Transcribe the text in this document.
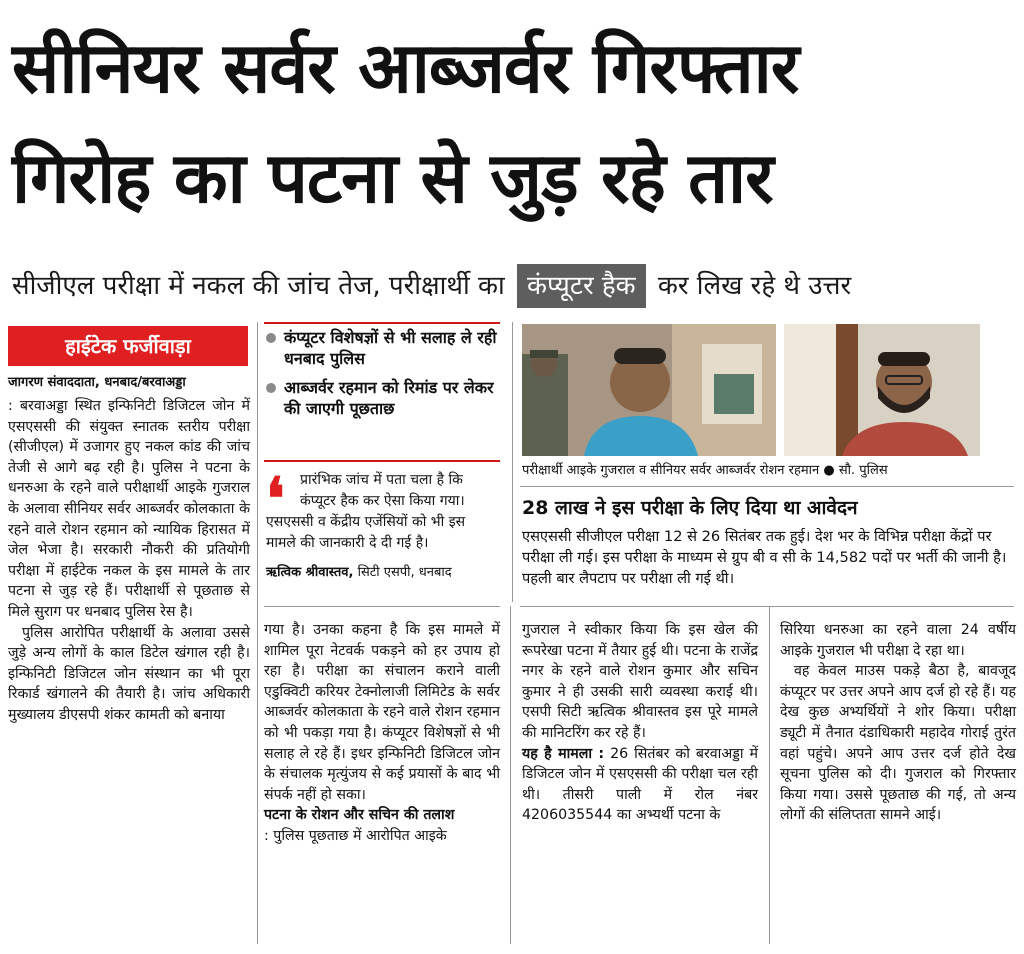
सीनियर सर्वर आब्जर्वर गिरफ्तार
गिरोह का पटना से जुड़ रहे तार
सीजीएल परीक्षा में नकल की जांच तेज, परीक्षार्थी का कंप्यूटर हैक कर लिख रहे थे उत्तर
हाईटेक फर्जीवाड़ा
जागरण संवाददाता, धनबाद/बरवाअड्डा

: बरवाअड्डा स्थित इन्फिनिटी डिजिटल जोन में एसएससी की संयुक्त स्नातक स्तरीय परीक्षा (सीजीएल) में उजागर हुए नकल कांड की जांच तेजी से आगे बढ़ रही है। पुलिस ने पटना के धनरुआ के रहने वाले परीक्षार्थी आइके गुजराल के अलावा सीनियर सर्वर आब्जर्वर कोलकाता के रहने वाले रोशन रहमान को न्यायिक हिरासत में जेल भेजा है। सरकारी नौकरी की प्रतियोगी परीक्षा में हाईटेक नकल के इस मामले के तार पटना से जुड़ रहे हैं। परीक्षार्थी से पूछताछ से मिले सुराग पर धनबाद पुलिस रेस है।

पुलिस आरोपित परीक्षार्थी के अलावा उससे जुड़े अन्य लोगों के काल डिटेल खंगाल रही है। इन्फिनिटी डिजिटल जोन संस्थान का भी पूरा रिकार्ड खंगालने की तैयारी है। जांच अधिकारी मुख्यालय डीएसपी शंकर कामती को बनाया

कंप्यूटर विशेषज्ञों से भी सलाह ले रही धनबाद पुलिस
आब्जर्वर रहमान को रिमांड पर लेकर की जाएगी पूछताछ
❛	प्रारंभिक जांच में पता चला है कि कंप्यूटर हैक कर ऐसा किया गया। एसएससी व केंद्रीय एजेंसियों को भी इस मामले की जानकारी दे दी गई है।
ऋत्विक श्रीवास्तव, सिटी एसपी, धनबाद

गया है। उनका कहना है कि इस मामले में शामिल पूरा नेटवर्क पकड़ने को हर उपाय हो रहा है। परीक्षा का संचालन कराने वाली एडुक्विटी करियर टेक्नोलाजी लिमिटेड के सर्वर आब्जर्वर कोलकाता के रहने वाले रोशन रहमान को भी पकड़ा गया है। कंप्यूटर विशेषज्ञों से भी सलाह ले रहे हैं। इधर इन्फिनिटी डिजिटल जोन के संचालक मृत्युंजय से कई प्रयासों के बाद भी संपर्क नहीं हो सका।

पटना के रोशन और सचिन की तलाश
: पुलिस पूछताछ में आरोपित आइके

परीक्षार्थी आइके गुजराल व सीनियर सर्वर आब्जर्वर रोशन रहमान ● सौ. पुलिस
28 लाख ने इस परीक्षा के लिए दिया था आवेदन
एसएससी सीजीएल परीक्षा 12 से 26 सितंबर तक हुई। देश भर के विभिन्न परीक्षा केंद्रों पर परीक्षा ली गई। इस परीक्षा के माध्यम से ग्रुप बी व सी के 14,582 पदों पर भर्ती की जानी है। पहली बार लैपटाप पर परीक्षा ली गई थी।

गुजराल ने स्वीकार किया कि इस खेल की रूपरेखा पटना में तैयार हुई थी। पटना के राजेंद्र नगर के रहने वाले रोशन कुमार और सचिन कुमार ने ही उसकी सारी व्यवस्था कराई थी। एसपी सिटी ऋत्विक श्रीवास्तव इस पूरे मामले की मानिटरिंग कर रहे हैं।

यह है मामला : 26 सितंबर को बरवाअड्डा में डिजिटल जोन में एसएससी की परीक्षा चल रही थी। तीसरी पाली में रोल नंबर 4206035544 का अभ्यर्थी पटना के

सिरिया धनरुआ का रहने वाला 24 वर्षीय आइके गुजराल भी परीक्षा दे रहा था।

वह केवल माउस पकड़े बैठा है, बावजूद कंप्यूटर पर उत्तर अपने आप दर्ज हो रहे हैं। यह देख कुछ अभ्यर्थियों ने शोर किया। परीक्षा ड्यूटी में तैनात दंडाधिकारी महादेव गोराई तुरंत वहां पहुंचे। अपने आप उत्तर दर्ज होते देख सूचना पुलिस को दी। गुजराल को गिरफ्तार किया गया। उससे पूछताछ की गई, तो अन्य लोगों की संलिप्तता सामने आई।
